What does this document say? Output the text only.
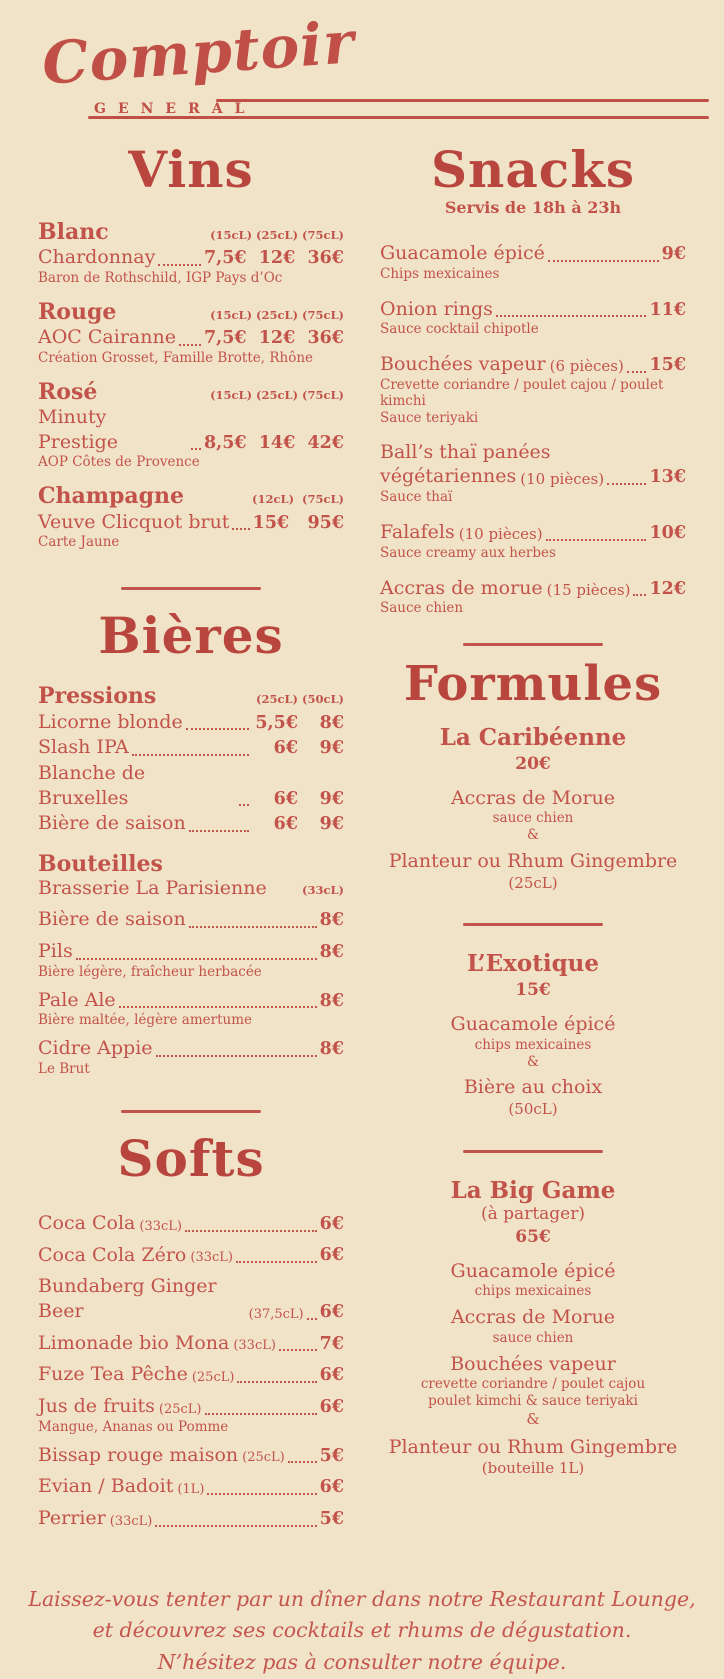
Comptoir
GENERAL
Vins
Blanc	(15cL) (25cL) (75cL)
Chardonnay	7,5€  12€  36€
Baron de Rothschild, IGP Pays d’Oc
Rouge	(15cL) (25cL) (75cL)
AOC Cairanne 7,5€  12€  36€
Création Grosset, Famille Brotte, Rhône
Rosé	(15cL) (25cL) (75cL)
Minuty Prestige	8,5€  14€  42€
AOP Côtes de Provence
Champagne	(12cL)  (75cL)
Veuve Clicquot brut 15€   95€
Carte Jaune
Bières
Pressions	(25cL) (50cL)
Licorne blonde	5,5€	8€
Slash IPA	6€	9€
Blanche de Bruxelles	6€	9€
Bière de saison	6€	9€
Bouteilles
Brasserie La Parisienne	(33cL)
Bière de saison	8€
Pils	8€
Bière légère, fraîcheur herbacée
Pale Ale	8€
Bière maltée, légère amertume
Cidre Appie	8€
Le Brut
Softs
Coca Cola (33cL)	6€
Coca Cola Zéro (33cL)	6€
Bundaberg Ginger Beer	(37,5cL) 6€
Limonade bio Mona (33cL) 7€
Fuze Tea Pêche (25cL)	6€
Jus de fruits (25cL)	6€
Mangue, Ananas ou Pomme
Bissap rouge maison (25cL) 5€
Evian / Badoit (1L)	6€
Perrier (33cL)	5€
Snacks
Servis de 18h à 23h
Guacamole épicé	9€
Chips mexicaines
Onion rings	11€
Sauce cocktail chipotle
Bouchées vapeur (6 pièces) 15€
Crevette coriandre / poulet cajou / poulet kimchi
Sauce teriyaki
Ball’s thaï panées
végétariennes (10 pièces)	13€
Sauce thaï
Falafels (10 pièces)	10€
Sauce creamy aux herbes
Accras de morue (15 pièces) 12€
Sauce chien
Formules
La Caribéenne
20€
Accras de Morue
sauce chien
&
Planteur ou Rhum Gingembre
(25cL)
L’Exotique
15€
Guacamole épicé
chips mexicaines
&
Bière au choix
(50cL)
La Big Game
(à partager)
65€
Guacamole épicé
chips mexicaines
Accras de Morue
sauce chien
Bouchées vapeur
crevette coriandre / poulet cajou
poulet kimchi & sauce teriyaki
&
Planteur ou Rhum Gingembre
(bouteille 1L)
Laissez-vous tenter par un dîner dans notre Restaurant Lounge,
et découvrez ses cocktails et rhums de dégustation.
N’hésitez pas à consulter notre équipe.
